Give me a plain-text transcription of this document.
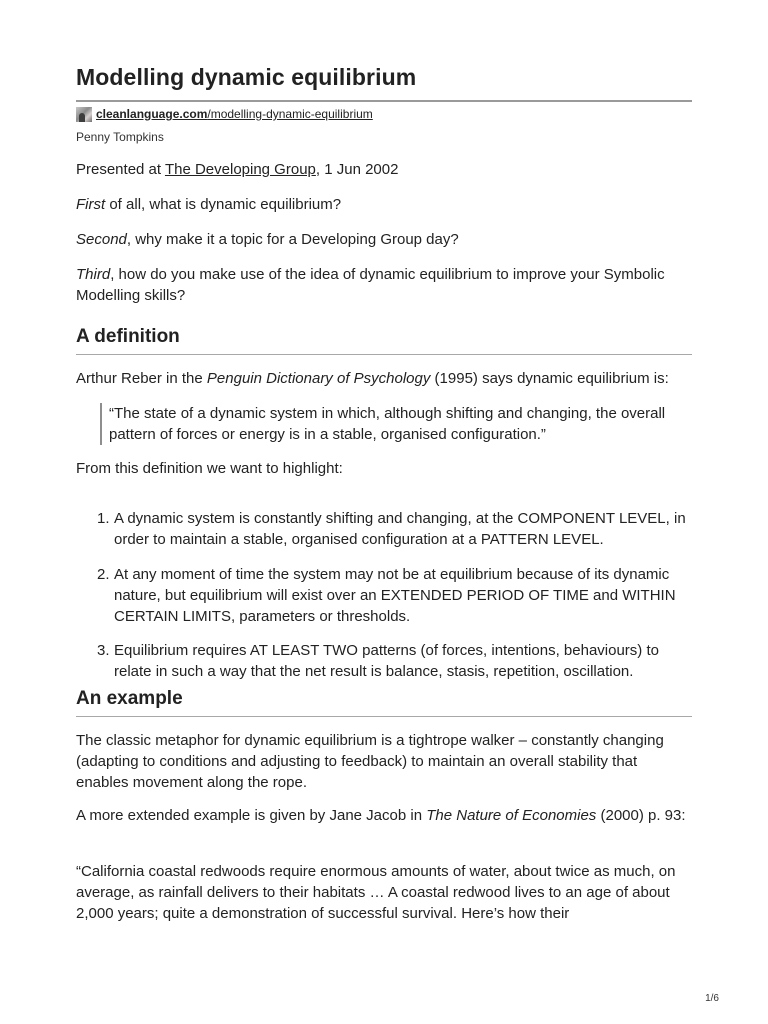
Modelling dynamic equilibrium
cleanlanguage.com/modelling-dynamic-equilibrium
Penny Tompkins

Presented at The Developing Group, 1 Jun 2002

First of all, what is dynamic equilibrium?

Second, why make it a topic for a Developing Group day?

Third, how do you make use of the idea of dynamic equilibrium to improve your Symbolic Modelling skills?

A definition

Arthur Reber in the Penguin Dictionary of Psychology (1995) says dynamic equilibrium is:

“The state of a dynamic system in which, although shifting and changing, the overall pattern of forces or energy is in a stable, organised configuration.”

From this definition we want to highlight:

1. A dynamic system is constantly shifting and changing, at the COMPONENT LEVEL, in order to maintain a stable, organised configuration at a PATTERN LEVEL.
2. At any moment of time the system may not be at equilibrium because of its dynamic nature, but equilibrium will exist over an EXTENDED PERIOD OF TIME and WITHIN CERTAIN LIMITS, parameters or thresholds.
3. Equilibrium requires AT LEAST TWO patterns (of forces, intentions, behaviours) to relate in such a way that the net result is balance, stasis, repetition, oscillation.
An example

The classic metaphor for dynamic equilibrium is a tightrope walker – constantly changing (adapting to conditions and adjusting to feedback) to maintain an overall stability that enables movement along the rope.

A more extended example is given by Jane Jacob in The Nature of Economies (2000) p. 93:

“California coastal redwoods require enormous amounts of water, about twice as much, on average, as rainfall delivers to their habitats … A coastal redwood lives to an age of about 2,000 years; quite a demonstration of successful survival. Here’s how their

1/6
